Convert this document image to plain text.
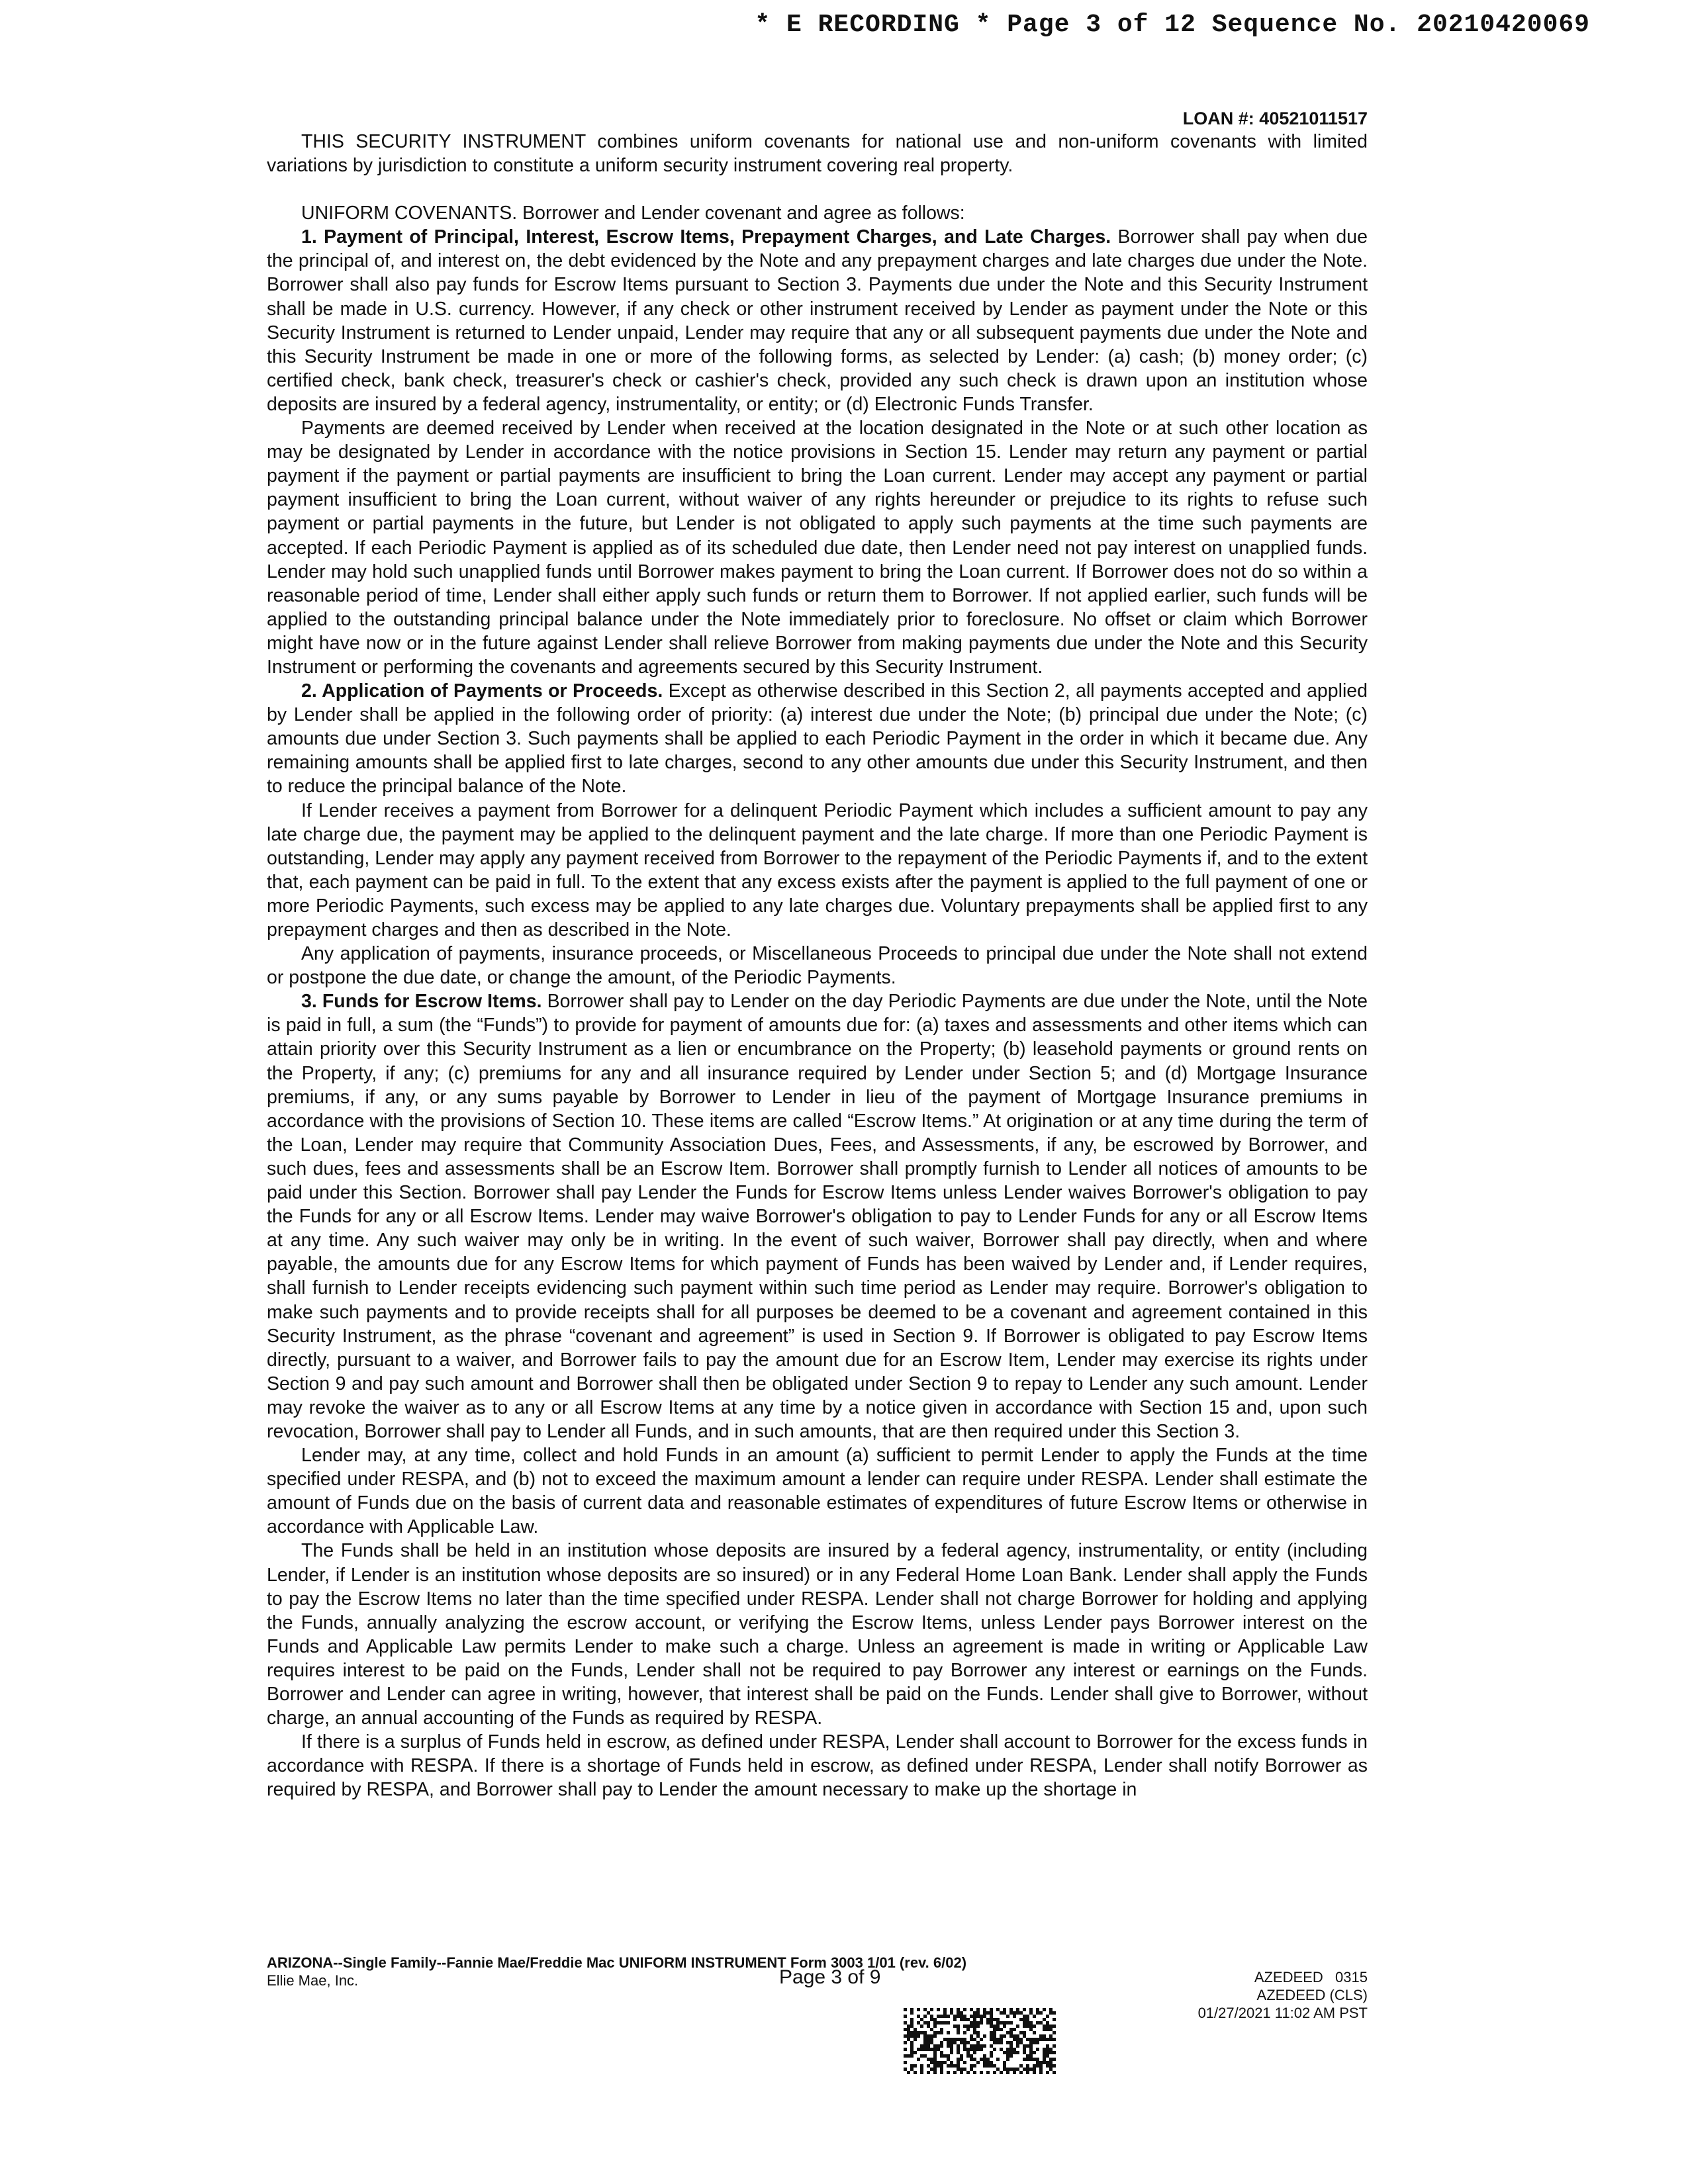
* E RECORDING * Page 3 of 12 Sequence No. 20210420069
LOAN #: 40521011517

THIS SECURITY INSTRUMENT combines uniform covenants for national use and non-uniform covenants with limited variations by jurisdiction to constitute a uniform security instrument covering real property.

UNIFORM COVENANTS. Borrower and Lender covenant and agree as follows:

1. Payment of Principal, Interest, Escrow Items, Prepayment Charges, and Late Charges. Borrower shall pay when due the principal of, and interest on, the debt evidenced by the Note and any prepayment charges and late charges due under the Note. Borrower shall also pay funds for Escrow Items pursuant to Section 3. Payments due under the Note and this Security Instrument shall be made in U.S. currency. However, if any check or other instrument received by Lender as payment under the Note or this Security Instrument is returned to Lender unpaid, Lender may require that any or all subsequent payments due under the Note and this Security Instrument be made in one or more of the following forms, as selected by Lender: (a) cash; (b) money order; (c) certified check, bank check, treasurer's check or cashier's check, provided any such check is drawn upon an institution whose deposits are insured by a federal agency, instrumentality, or entity; or (d) Electronic Funds Transfer.

Payments are deemed received by Lender when received at the location designated in the Note or at such other location as may be designated by Lender in accordance with the notice provisions in Section 15. Lender may return any payment or partial payment if the payment or partial payments are insufficient to bring the Loan current. Lender may accept any payment or partial payment insufficient to bring the Loan current, without waiver of any rights hereunder or prejudice to its rights to refuse such payment or partial payments in the future, but Lender is not obligated to apply such payments at the time such payments are accepted. If each Periodic Payment is applied as of its scheduled due date, then Lender need not pay interest on unapplied funds. Lender may hold such unapplied funds until Borrower makes payment to bring the Loan current. If Borrower does not do so within a reasonable period of time, Lender shall either apply such funds or return them to Borrower. If not applied earlier, such funds will be applied to the outstanding principal balance under the Note immediately prior to foreclosure. No offset or claim which Borrower might have now or in the future against Lender shall relieve Borrower from making payments due under the Note and this Security Instrument or performing the covenants and agreements secured by this Security Instrument.

2. Application of Payments or Proceeds. Except as otherwise described in this Section 2, all payments accepted and applied by Lender shall be applied in the following order of priority: (a) interest due under the Note; (b) principal due under the Note; (c) amounts due under Section 3. Such payments shall be applied to each Periodic Payment in the order in which it became due. Any remaining amounts shall be applied first to late charges, second to any other amounts due under this Security Instrument, and then to reduce the principal balance of the Note.

If Lender receives a payment from Borrower for a delinquent Periodic Payment which includes a sufficient amount to pay any late charge due, the payment may be applied to the delinquent payment and the late charge. If more than one Periodic Payment is outstanding, Lender may apply any payment received from Borrower to the repayment of the Periodic Payments if, and to the extent that, each payment can be paid in full. To the extent that any excess exists after the payment is applied to the full payment of one or more Periodic Payments, such excess may be applied to any late charges due. Voluntary prepayments shall be applied first to any prepayment charges and then as described in the Note.

Any application of payments, insurance proceeds, or Miscellaneous Proceeds to principal due under the Note shall not extend or postpone the due date, or change the amount, of the Periodic Payments.

3. Funds for Escrow Items. Borrower shall pay to Lender on the day Periodic Payments are due under the Note, until the Note is paid in full, a sum (the “Funds”) to provide for payment of amounts due for: (a) taxes and assessments and other items which can attain priority over this Security Instrument as a lien or encumbrance on the Property; (b) leasehold payments or ground rents on the Property, if any; (c) premiums for any and all insurance required by Lender under Section 5; and (d) Mortgage Insurance premiums, if any, or any sums payable by Borrower to Lender in lieu of the payment of Mortgage Insurance premiums in accordance with the provisions of Section 10. These items are called “Escrow Items.” At origination or at any time during the term of the Loan, Lender may require that Community Association Dues, Fees, and Assessments, if any, be escrowed by Borrower, and such dues, fees and assessments shall be an Escrow Item. Borrower shall promptly furnish to Lender all notices of amounts to be paid under this Section. Borrower shall pay Lender the Funds for Escrow Items unless Lender waives Borrower's obligation to pay the Funds for any or all Escrow Items. Lender may waive Borrower's obligation to pay to Lender Funds for any or all Escrow Items at any time. Any such waiver may only be in writing. In the event of such waiver, Borrower shall pay directly, when and where payable, the amounts due for any Escrow Items for which payment of Funds has been waived by Lender and, if Lender requires, shall furnish to Lender receipts evidencing such payment within such time period as Lender may require. Borrower's obligation to make such payments and to provide receipts shall for all purposes be deemed to be a covenant and agreement contained in this Security Instrument, as the phrase “covenant and agreement” is used in Section 9. If Borrower is obligated to pay Escrow Items directly, pursuant to a waiver, and Borrower fails to pay the amount due for an Escrow Item, Lender may exercise its rights under Section 9 and pay such amount and Borrower shall then be obligated under Section 9 to repay to Lender any such amount. Lender may revoke the waiver as to any or all Escrow Items at any time by a notice given in accordance with Section 15 and, upon such revocation, Borrower shall pay to Lender all Funds, and in such amounts, that are then required under this Section 3.

Lender may, at any time, collect and hold Funds in an amount (a) sufficient to permit Lender to apply the Funds at the time specified under RESPA, and (b) not to exceed the maximum amount a lender can require under RESPA. Lender shall estimate the amount of Funds due on the basis of current data and reasonable estimates of expenditures of future Escrow Items or otherwise in accordance with Applicable Law.

The Funds shall be held in an institution whose deposits are insured by a federal agency, instrumentality, or entity (including Lender, if Lender is an institution whose deposits are so insured) or in any Federal Home Loan Bank. Lender shall apply the Funds to pay the Escrow Items no later than the time specified under RESPA. Lender shall not charge Borrower for holding and applying the Funds, annually analyzing the escrow account, or verifying the Escrow Items, unless Lender pays Borrower interest on the Funds and Applicable Law permits Lender to make such a charge. Unless an agreement is made in writing or Applicable Law requires interest to be paid on the Funds, Lender shall not be required to pay Borrower any interest or earnings on the Funds. Borrower and Lender can agree in writing, however, that interest shall be paid on the Funds. Lender shall give to Borrower, without charge, an annual accounting of the Funds as required by RESPA.

If there is a surplus of Funds held in escrow, as defined under RESPA, Lender shall account to Borrower for the excess funds in accordance with RESPA. If there is a shortage of Funds held in escrow, as defined under RESPA, Lender shall notify Borrower as required by RESPA, and Borrower shall pay to Lender the amount necessary to make up the shortage in

ARIZONA--Single Family--Fannie Mae/Freddie Mac UNIFORM INSTRUMENT Form 3003 1/01 (rev. 6/02)
Ellie Mae, Inc.	Page 3 of 9	AZEDEED   0315
AZEDEED (CLS)
01/27/2021 11:02 AM PST
